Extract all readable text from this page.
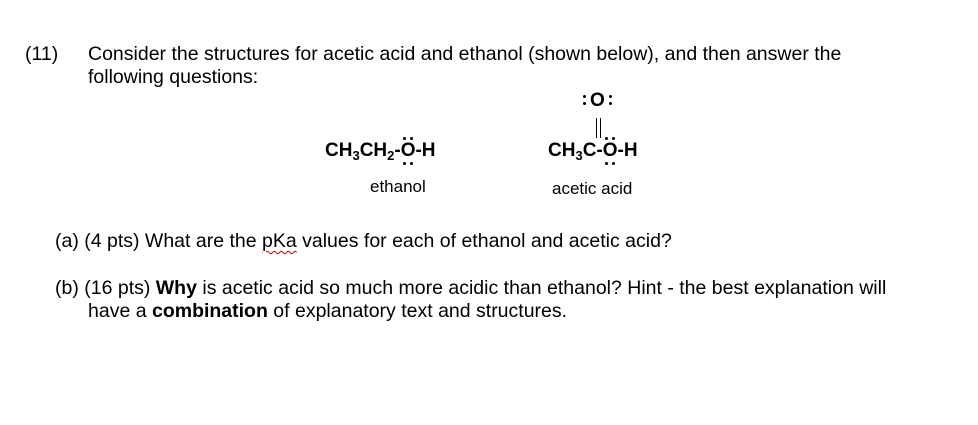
(11) Consider the structures for acetic acid and ethanol (shown below), and then answer the
following questions:
$CH_3CH_2-O$
-H
ethanol
O
$CH_3C-O$
-H
acetic acid
(a) (4 pts) What are the pKa values for each of ethanol and acetic acid?
(b) (16 pts) Why is acetic acid so much more acidic than ethanol? Hint - the best explanation will
have a combination of explanatory text and structures.
